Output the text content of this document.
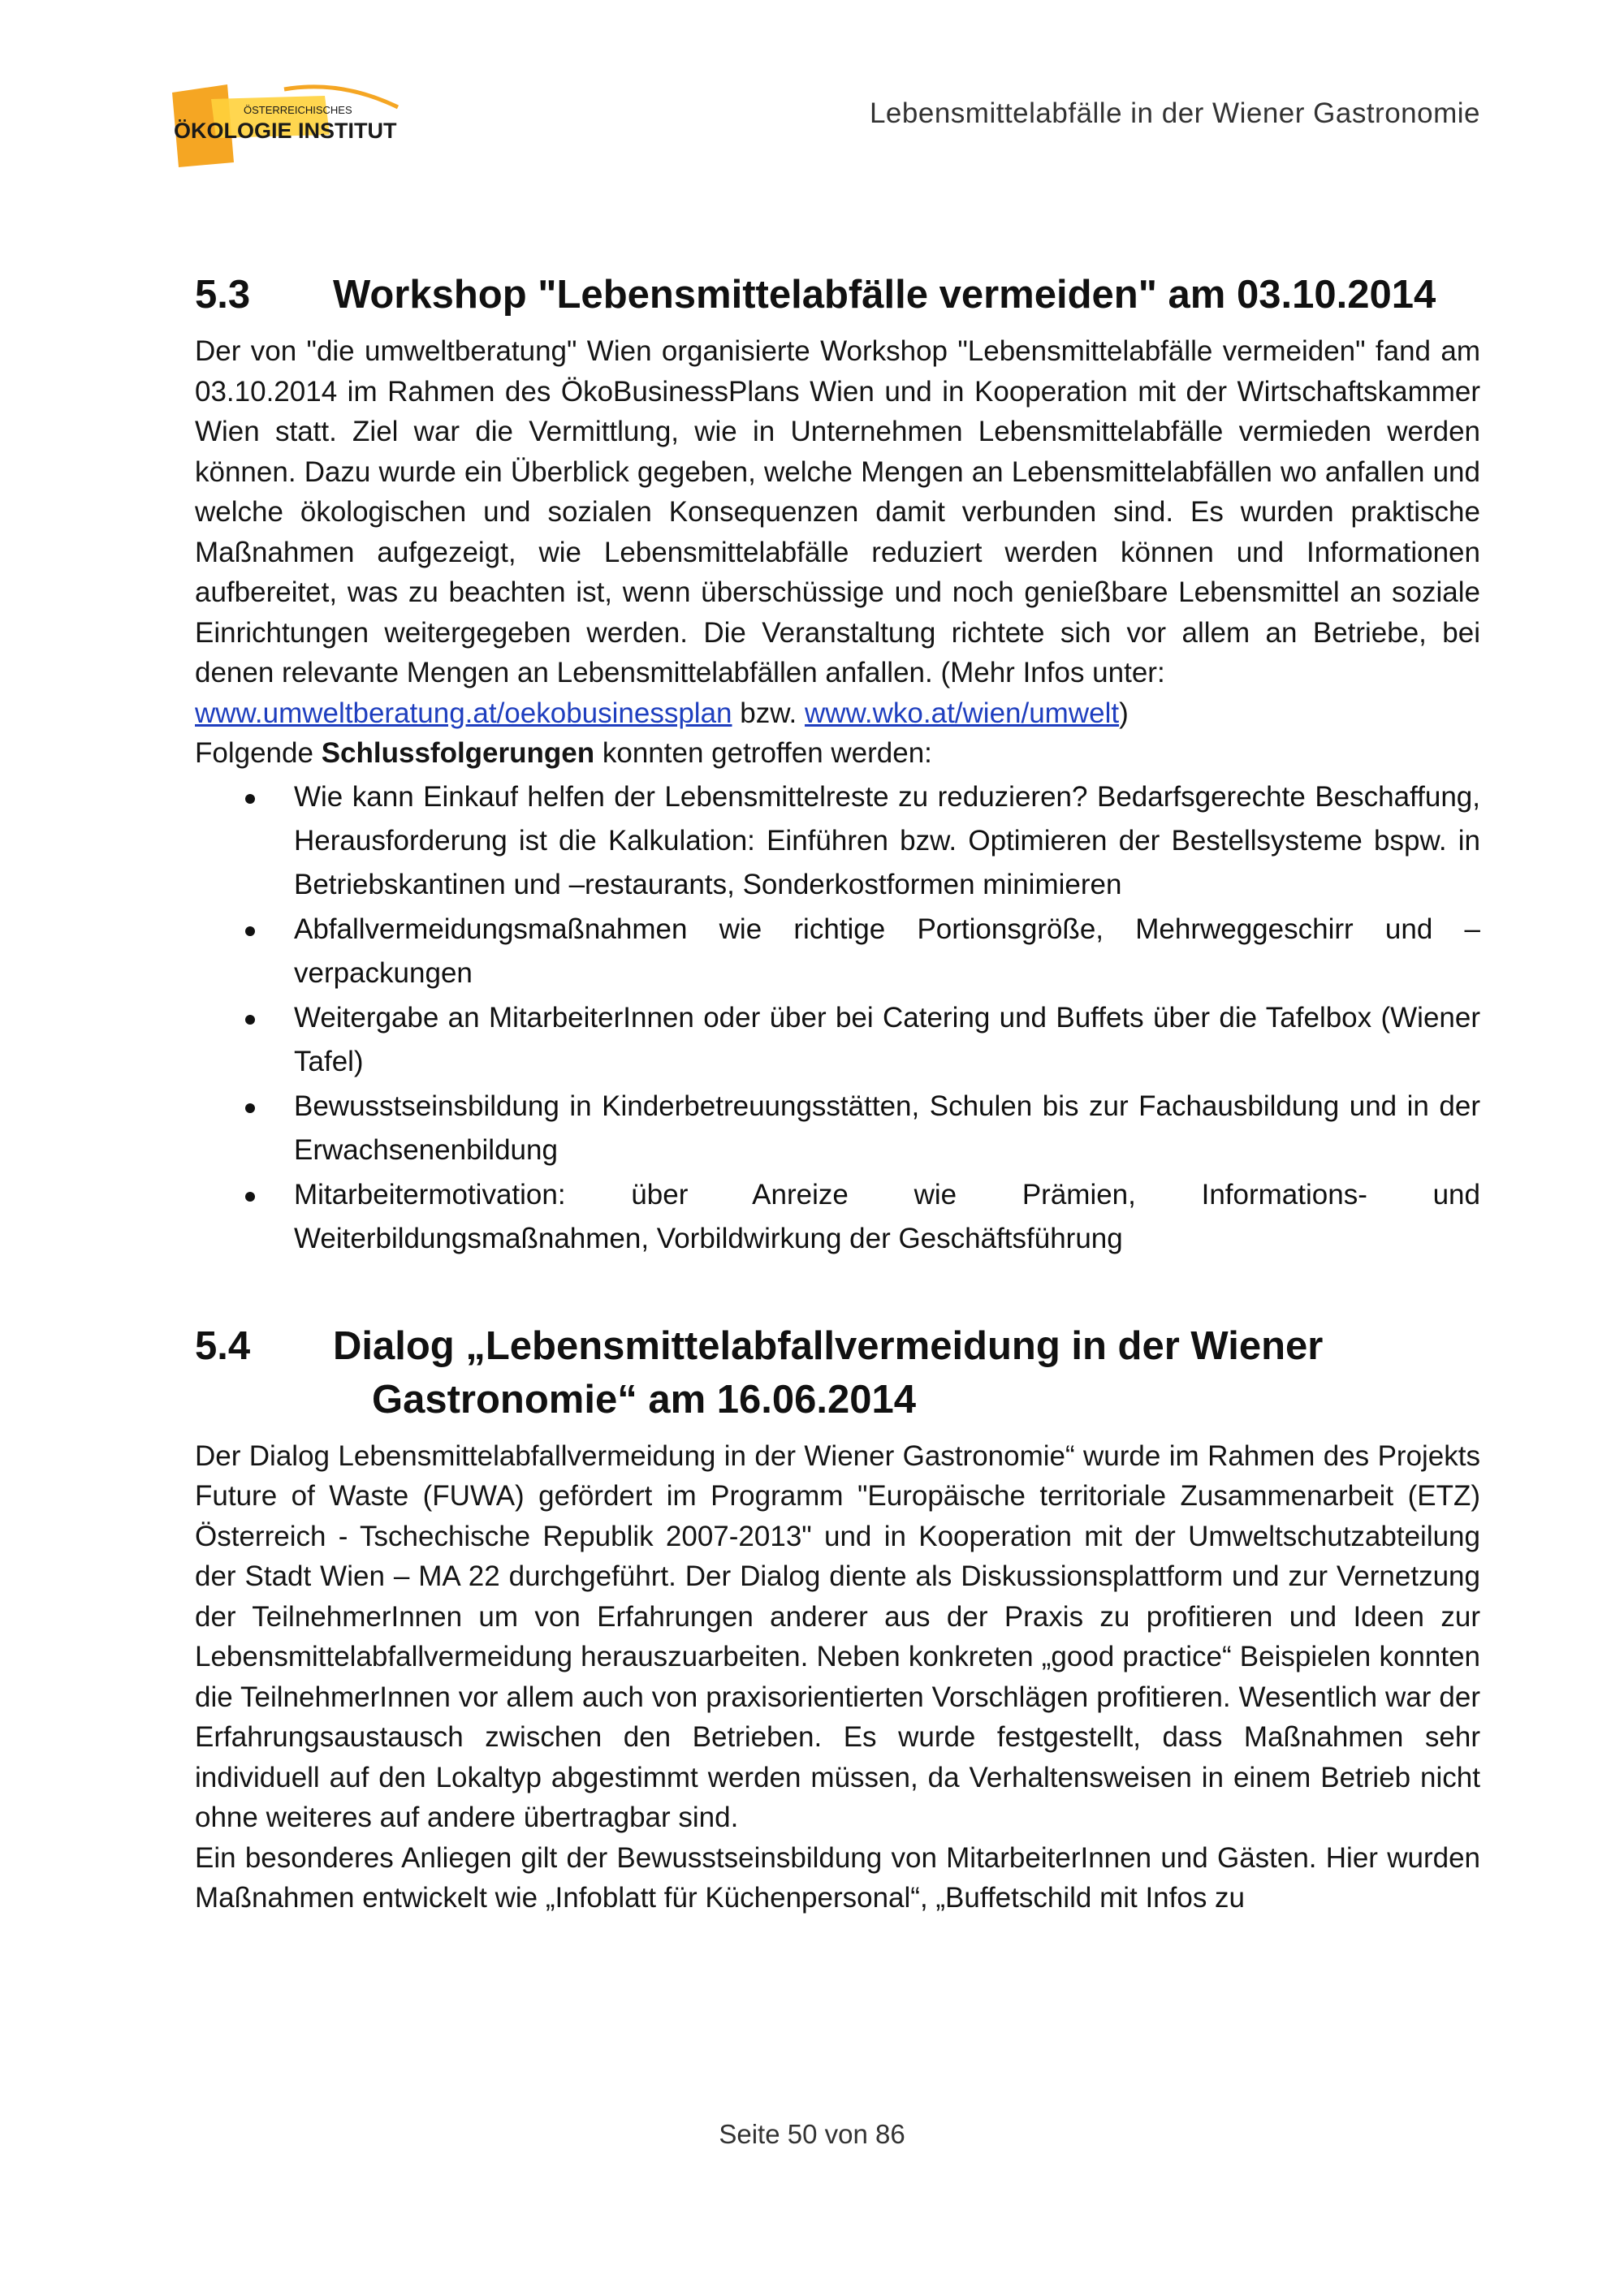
ÖSTERREICHISCHES
ÖKOLOGIE INSTITUT
Lebensmittelabfälle in der Wiener Gastronomie
5.3	Workshop "Lebensmittelabfälle vermeiden" am 03.10.2014

Der von "die umweltberatung" Wien organisierte Workshop "Lebensmittelabfälle vermeiden" fand am 03.10.2014 im Rahmen des ÖkoBusinessPlans Wien und in Kooperation mit der Wirtschaftskammer Wien statt. Ziel war die Vermittlung, wie in Unternehmen Lebensmittelabfälle vermieden werden können. Dazu wurde ein Überblick gegeben, welche Mengen an Lebensmittelabfällen wo anfallen und welche ökologischen und sozialen Konsequenzen damit verbunden sind. Es wurden praktische Maßnahmen aufgezeigt, wie Lebensmittelabfälle reduziert werden können und Informationen aufbereitet, was zu beachten ist, wenn überschüssige und noch genießbare Lebensmittel an soziale Einrichtungen weitergegeben werden. Die Veranstaltung richtete sich vor allem an Betriebe, bei denen relevante Mengen an Lebensmittelabfällen anfallen. (Mehr Infos unter:
www.umweltberatung.at/oekobusinessplan bzw. www.wko.at/wien/umwelt)
Folgende Schlussfolgerungen konnten getroffen werden:

Wie kann Einkauf helfen der Lebensmittelreste zu reduzieren? Bedarfsgerechte Beschaffung, Herausforderung ist die Kalkulation: Einführen bzw. Optimieren der Bestellsysteme bspw. in Betriebskantinen und –restaurants, Sonderkostformen minimieren
Abfallvermeidungsmaßnahmen wie richtige Portionsgröße, Mehrweggeschirr und –verpackungen
Weitergabe an MitarbeiterInnen oder über bei Catering und Buffets über die Tafelbox (Wiener Tafel)
Bewusstseinsbildung in Kinderbetreuungsstätten, Schulen bis zur Fachausbildung und in der Erwachsenenbildung
Mitarbeitermotivation: über Anreize wie Prämien, Informations- und Weiterbildungsmaßnahmen, Vorbildwirkung der Geschäftsführung
5.4	Dialog „Lebensmittelabfallvermeidung in der Wiener Gastronomie“ am 16.06.2014

Der Dialog Lebensmittelabfallvermeidung in der Wiener Gastronomie“ wurde im Rahmen des Projekts Future of Waste (FUWA) gefördert im Programm "Europäische territoriale Zusammenarbeit (ETZ) Österreich - Tschechische Republik 2007-2013" und in Kooperation mit der Umweltschutzabteilung der Stadt Wien – MA 22 durchgeführt. Der Dialog diente als Diskussionsplattform und zur Vernetzung der TeilnehmerInnen um von Erfahrungen anderer aus der Praxis zu profitieren und Ideen zur Lebensmittelabfallvermeidung herauszuarbeiten. Neben konkreten „good practice“ Beispielen konnten die TeilnehmerInnen vor allem auch von praxisorientierten Vorschlägen profitieren. Wesentlich war der Erfahrungsaustausch zwischen den Betrieben. Es wurde festgestellt, dass Maßnahmen sehr individuell auf den Lokaltyp abgestimmt werden müssen, da Verhaltensweisen in einem Betrieb nicht ohne weiteres auf andere übertragbar sind.

Ein besonderes Anliegen gilt der Bewusstseinsbildung von MitarbeiterInnen und Gästen. Hier wurden Maßnahmen entwickelt wie „Infoblatt für Küchenpersonal“, „Buffetschild mit Infos zu

Seite 50 von 86
